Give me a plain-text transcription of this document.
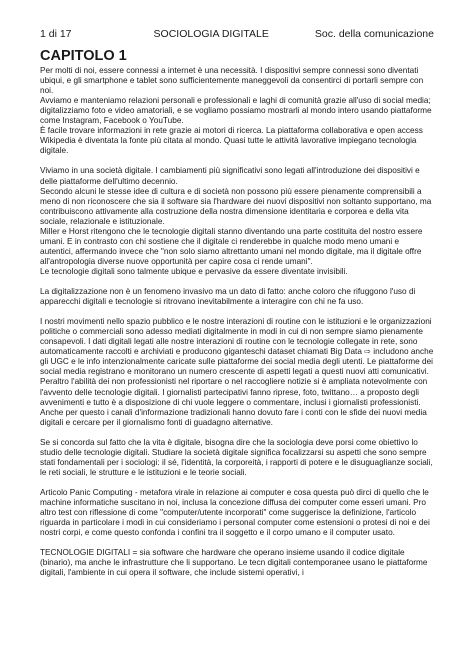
1 di 17	SOCIOLOGIA DIGITALE	Soc. della comunicazione
CAPITOLO 1

Per molti di noi, essere connessi a internet è una necessità. I dispositivi sempre connessi sono diventati ubiqui, e gli smartphone e tablet sono sufficientemente maneggevoli da consentirci di portarli sempre con noi.

Avviamo e manteniamo relazioni personali e professionali e laghi di comunità grazie all'uso di social media; digitalizziamo foto e video amatoriali, e se vogliamo possiamo mostrarli al mondo intero usando piattaforme come Instagram, Facebook o YouTube.

È facile trovare informazioni in rete grazie ai motori di ricerca. La piattaforma collaborativa e open access Wikipedia è diventata la fonte più citata al mondo. Quasi tutte le attività lavorative impiegano tecnologia digitale.

Viviamo in una società digitale. I cambiamenti più significativi sono legati all'introduzione dei dispositivi e delle piattaforme dell'ultimo decennio.

Secondo alcuni le stesse idee di cultura e di società non possono più essere pienamente comprensibili a meno di non riconoscere che sia il software sia l'hardware dei nuovi dispositivi non soltanto supportano, ma contribuiscono attivamente alla costruzione della nostra dimensione identitaria e corporea e della vita sociale, relazionale e istituzionale.

Miller e Horst ritengono che le tecnologie digitali stanno diventando una parte costituita del nostro essere umani. E in contrasto con chi sostiene che il digitale ci renderebbe in qualche modo meno umani e autentici, affermando invece che "non solo siamo altrettanto umani nel mondo digitale, ma il digitale offre all'antropologia diverse nuove opportunità per capire cosa ci rende umani".

Le tecnologie digitali sono talmente ubique e pervasive da essere diventate invisibili.

La digitalizzazione non è un fenomeno invasivo ma un dato di fatto: anche coloro che rifuggono l'uso di apparecchi digitali e tecnologie si ritrovano inevitabilmente a interagire con chi ne fa uso.

I nostri movimenti nello spazio pubblico e le nostre interazioni di routine con le istituzioni e le organizzazioni politiche o commerciali sono adesso mediati digitalmente in modi in cui di non sempre siamo pienamente consapevoli. I dati digitali legati alle nostre interazioni di routine con le tecnologie collegate in rete, sono automaticamente raccolti e archiviati e producono giganteschi dataset chiamati Big Data ⇨ includono anche gli UGC e le info intenzionalmente caricate sulle piattaforme dei social media degli utenti. Le piattaforme dei social media registrano e monitorano un numero crescente di aspetti legati a questi nuovi atti comunicativi.

Peraltro l'abilità dei non professionisti nel riportare o nel raccogliere notizie si è ampliata notevolmente con l'avvento delle tecnologie digitali. I giornalisti partecipativi fanno riprese, foto, twittano… a proposto degli avvenimenti e tutto è a disposizione di chi vuole leggere o commentare, inclusi i giornalisti professionisti.

Anche per questo i canali d'informazione tradizionali hanno dovuto fare i conti con le sfide dei nuovi media digitali e cercare per il giornalismo fonti di guadagno alternative.

Se si concorda sul fatto che la vita è digitale, bisogna dire che la sociologia deve porsi come obiettivo lo studio delle tecnologie digitali. Studiare la società digitale significa focalizzarsi su aspetti che sono sempre stati fondamentali per i sociologi: il sé, l'identità, la corporeità, i rapporti di potere e le disuguaglianze sociali, le reti sociali, le strutture e le istituzioni e le teorie sociali.

Articolo Panic Computing - metafora virale in relazione ai computer e cosa questa può dirci di quello che le machine informatiche suscitano in noi, inclusa la concezione diffusa dei computer come esseri umani. Pro altro test con riflessione di come "computer/utente incorporati" come suggerisce la definizione, l'articolo riguarda in particolare i modi in cui consideriamo i personal computer come estensioni o protesi di noi e dei nostri corpi, e come questo confonda i confini tra il soggetto e il corpo umano e il computer usato.

TECNOLOGIE DIGITALI = sia software che hardware che operano insieme usando il codice digitale (binario), ma anche le infrastrutture che li supportano. Le tecn digitali contemporanee usano le piattaforme digitali, l'ambiente in cui opera il software, che include sistemi operativi, i
